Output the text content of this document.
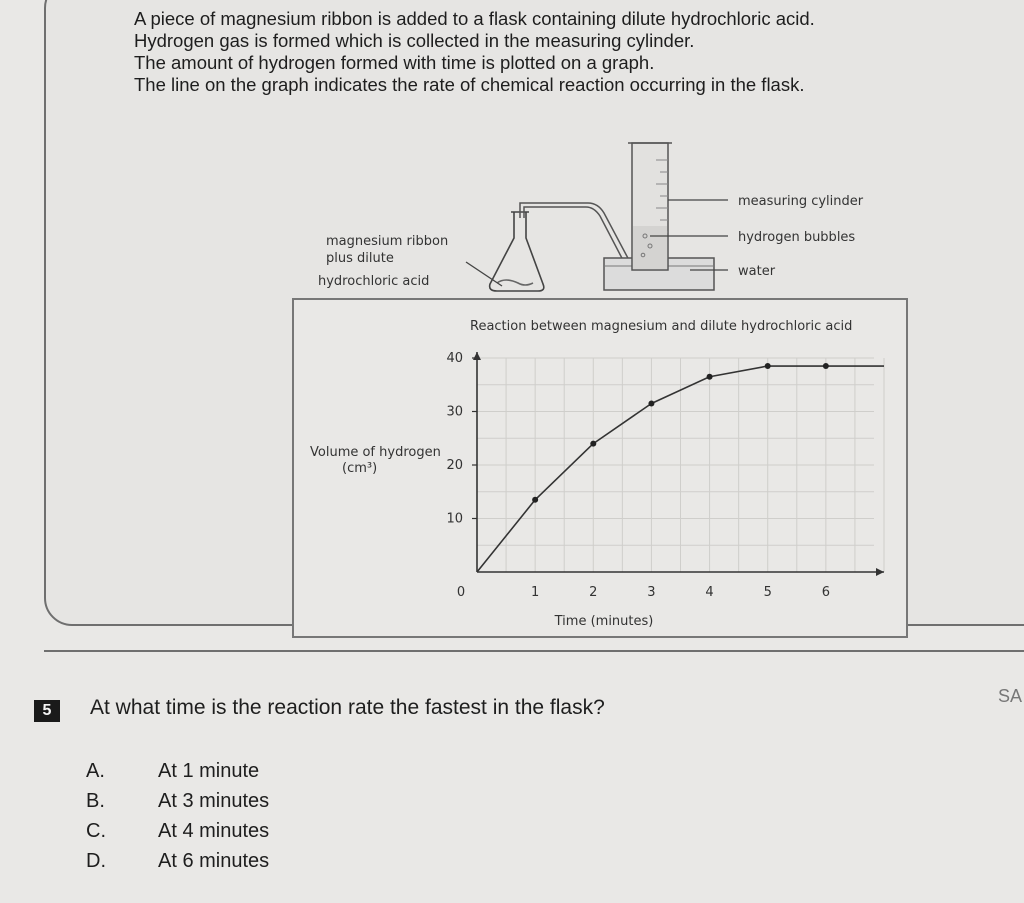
A piece of magnesium ribbon is added to a flask containing dilute hydrochloric acid.
Hydrogen gas is formed which is collected in the measuring cylinder.
The amount of hydrogen formed with time is plotted on a graph.
The line on the graph indicates the rate of chemical reaction occurring in the flask.
magnesium ribbon
plus dilute
hydrochloric acid
measuring cylinder
hydrogen bubbles
water
Reaction between magnesium and dilute hydrochloric acid
Volume of hydrogen
(cm³)
Time (minutes)
0	1	2	3	4	5	6
10
20
30
40
5	At what time is the reaction rate the fastest in the flask?
A.	At 1 minute
B.	At 3 minutes
C.	At 4 minutes
D.	At 6 minutes
SA
